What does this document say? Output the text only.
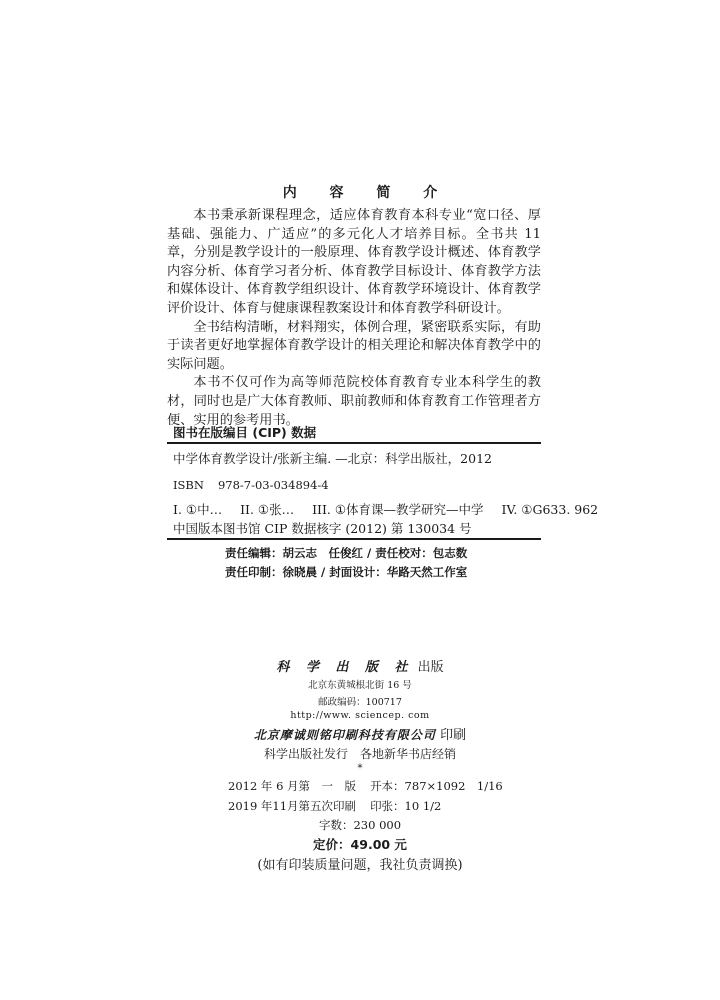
内 容 简 介

本书秉承新课程理念，适应体育教育本科专业“宽口径、厚基础、强能力、广适应”的多元化人才培养目标。全书共 11 章，分别是教学设计的一般原理、体育教学设计概述、体育教学内容分析、体育学习者分析、体育教学目标设计、体育教学方法和媒体设计、体育教学组织设计、体育教学环境设计、体育教学评价设计、体育与健康课程教案设计和体育教学科研设计。

全书结构清晰，材料翔实，体例合理，紧密联系实际，有助于读者更好地掌握体育教学设计的相关理论和解决体育教学中的实际问题。

本书不仅可作为高等师范院校体育教育专业本科学生的教材，同时也是广大体育教师、职前教师和体育教育工作管理者方便、实用的参考用书。

图书在版编目 (CIP) 数据
中学体育教学设计/张新主编. —北京：科学出版社，2012
ISBN 978-7-03-034894-4
I. ①中… II. ①张… III. ①体育课—教学研究—中学 IV. ①G633. 962
中国版本图书馆 CIP 数据核字 (2012) 第 130034 号
责任编辑：胡云志　任俊红 / 责任校对：包志数
责任印制：徐晓晨 / 封面设计：华路天然工作室
科 学 出 版 社 出版
北京东黄城根北街 16 号
邮政编码：100717
http://www. sciencep. com
北京摩诚则铭印刷科技有限公司 印刷
科学出版社发行　各地新华书店经销
*
2012 年 6 月第　一　版 开本：787×1092　1/16
2019 年11月第五次印刷 印张：10 1/2
字数：230 000
定价：49.00 元
(如有印装质量问题，我社负责调换)
